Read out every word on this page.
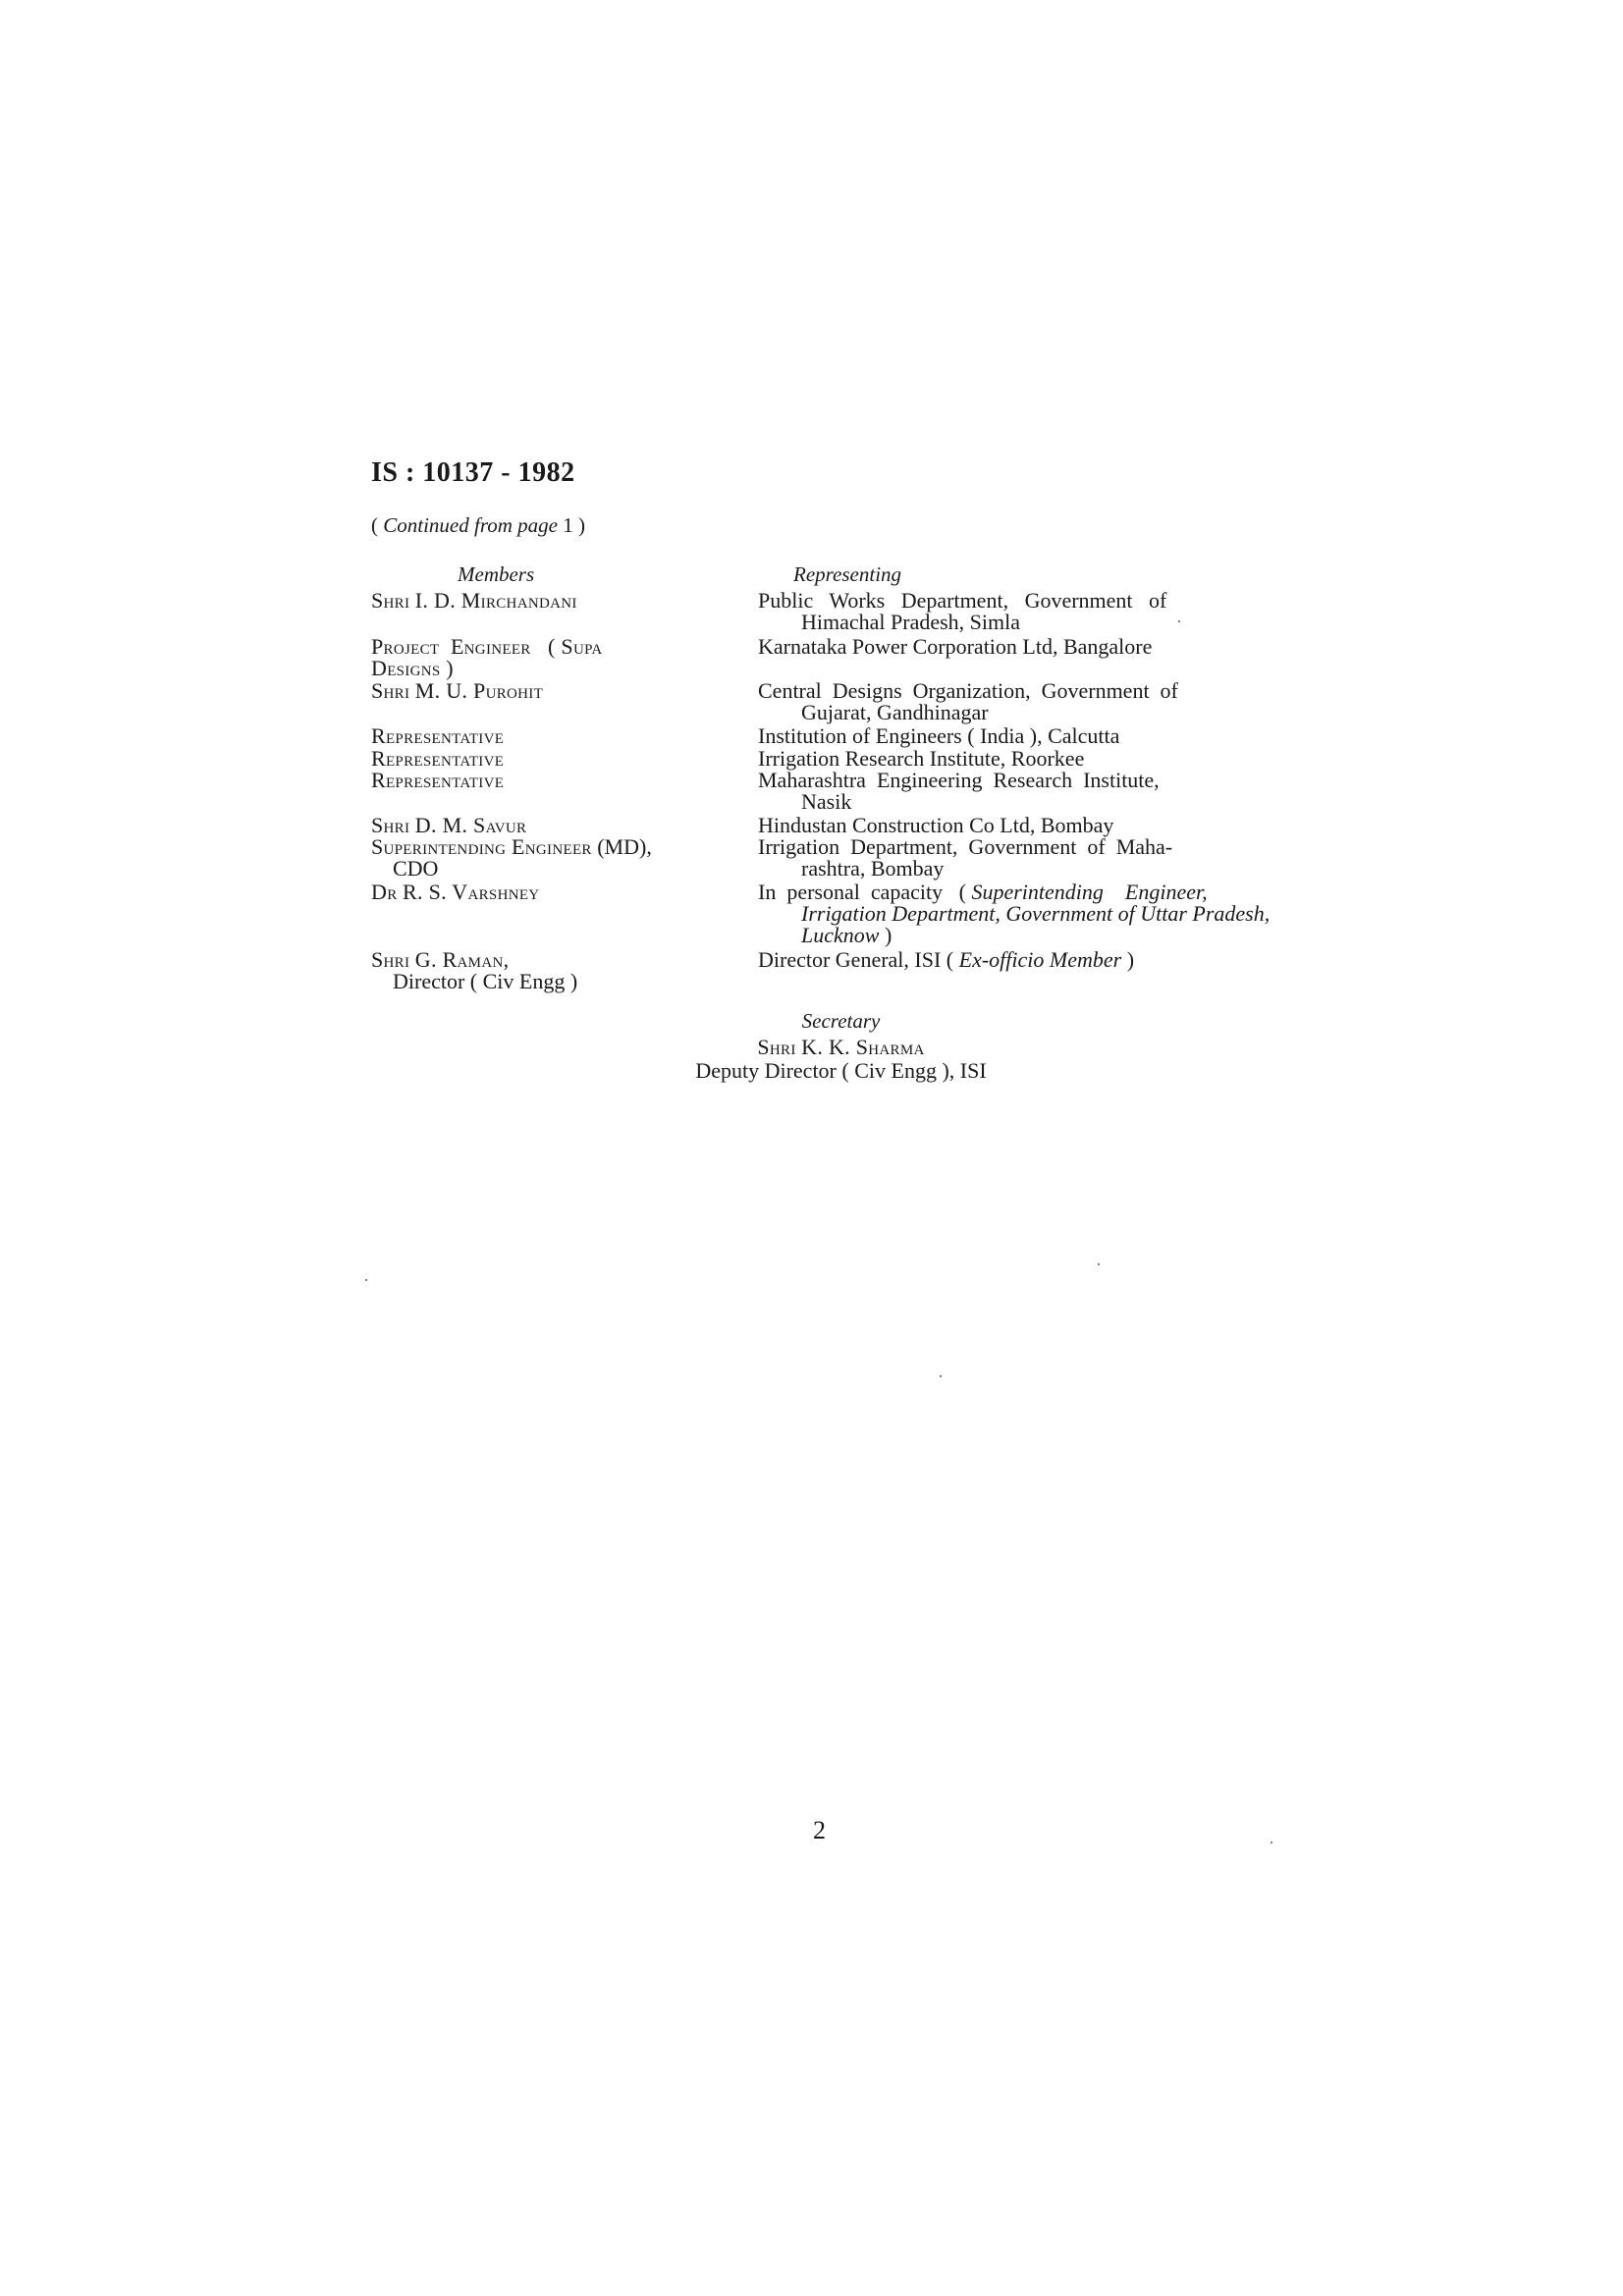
IS : 10137 - 1982
( Continued from page 1 )
Members	Representing
Shri I. D. Mirchandani
Project  Engineer   ( Supa
Designs )
Shri M. U. Purohit
Representative
Representative
Representative
Shri D. M. Savur
Superintending Engineer (MD),
CDO
Dr R. S. Varshney
Shri G. Raman,
Director ( Civ Engg )
Public   Works   Department,   Government   of
Himachal Pradesh, Simla
Karnataka Power Corporation Ltd, Bangalore
Central  Designs  Organization,  Government  of
Gujarat, Gandhinagar
Institution of Engineers ( India ), Calcutta
Irrigation Research Institute, Roorkee
Maharashtra  Engineering  Research  Institute,
Nasik
Hindustan Construction Co Ltd, Bombay
Irrigation  Department,  Government  of  Maha-
rashtra, Bombay
In  personal  capacity   ( Superintending    Engineer,
Irrigation Department, Government of Uttar Pradesh,
Lucknow )
Director General, ISI ( Ex-officio Member )
Secretary
Shri K. K. Sharma
Deputy Director ( Civ Engg ), ISI
2
